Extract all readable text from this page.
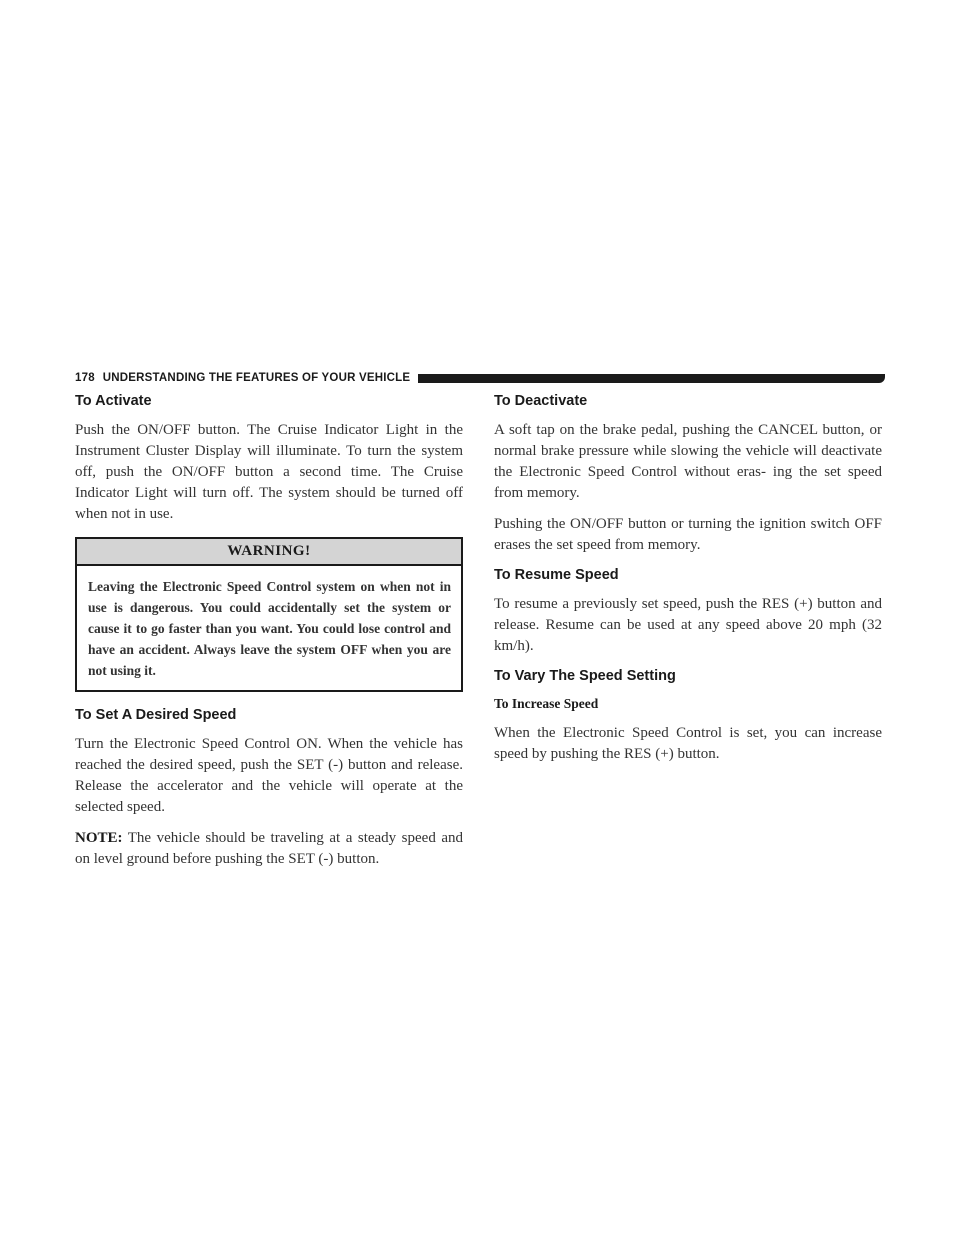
178 UNDERSTANDING THE FEATURES OF YOUR VEHICLE
To Activate

Push the ON/OFF button. The Cruise Indicator Light in the Instrument Cluster Display will illuminate. To turn the system off, push the ON/OFF button a second time. The Cruise Indicator Light will turn off. The system should be turned off when not in use.

WARNING!
Leaving the Electronic Speed Control system on when not in use is dangerous. You could accidentally set the system or cause it to go faster than you want. You could lose control and have an accident. Always leave the system OFF when you are not using it.
To Set A Desired Speed

Turn the Electronic Speed Control ON. When the vehicle has reached the desired speed, push the SET (-) button and release. Release the accelerator and the vehicle will operate at the selected speed.

NOTE: The vehicle should be traveling at a steady speed and on level ground before pushing the SET (-) button.

To Deactivate

A soft tap on the brake pedal, pushing the CANCEL button, or normal brake pressure while slowing the vehicle will deactivate the Electronic Speed Control without eras- ing the set speed from memory.

Pushing the ON/OFF button or turning the ignition switch OFF erases the set speed from memory.

To Resume Speed

To resume a previously set speed, push the RES (+) button and release. Resume can be used at any speed above 20 mph (32 km/h).

To Vary The Speed Setting
To Increase Speed

When the Electronic Speed Control is set, you can increase speed by pushing the RES (+) button.
